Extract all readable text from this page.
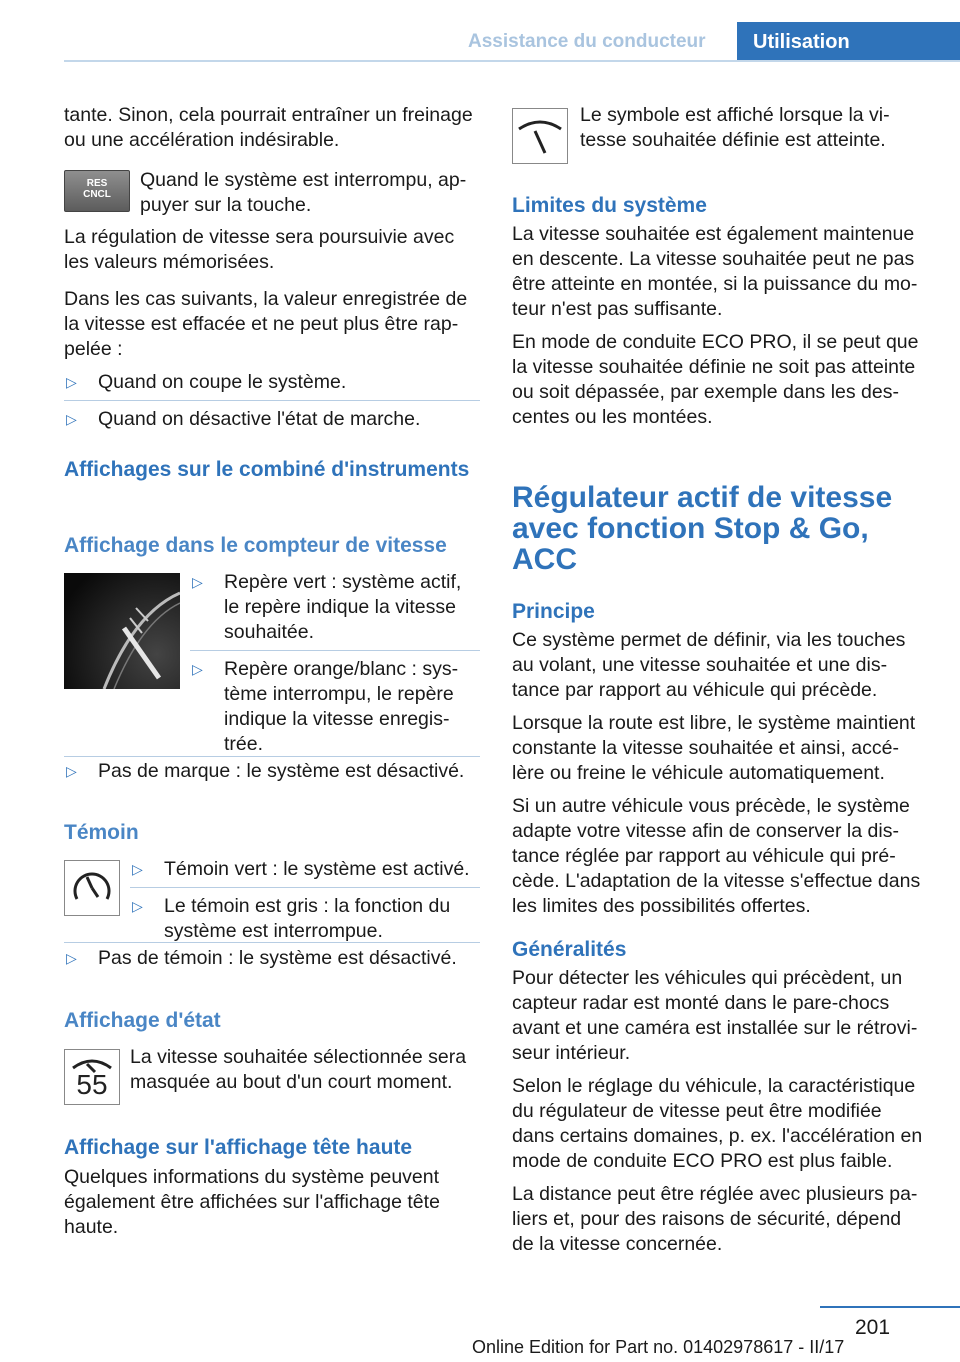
Assistance du conducteur Utilisation

tante. Sinon, cela pourrait entraîner un freinage ou une accélération indésirable.

RES
CNCL

Quand le système est interrompu, ap‐ puyer sur la touche.

La régulation de vitesse sera poursuivie avec les valeurs mémorisées.

Dans les cas suivants, la valeur enregistrée de la vitesse est effacée et ne peut plus être rap‐ pelée :

▷ Quand on coupe le système.
▷ Quand on désactive l'état de marche.
Affichages sur le combiné d'instruments
Affichage dans le compteur de vitesse
▷ Repère vert : système actif, le repère indique la vitesse souhaitée.
▷ Repère orange/blanc : sys‐ tème interrompu, le repère indique la vitesse enregis‐ trée.
▷ Pas de marque : le système est désactivé.
Témoin
▷ Témoin vert : le système est activé.
▷ Le témoin est gris : la fonction du système est interrompue.
▷ Pas de témoin : le système est désactivé.
Affichage d'état
55

La vitesse souhaitée sélectionnée sera masquée au bout d'un court moment.

Affichage sur l'affichage tête haute

Quelques informations du système peuvent également être affichées sur l'affichage tête haute.

Le symbole est affiché lorsque la vi‐ tesse souhaitée définie est atteinte.

Limites du système

La vitesse souhaitée est également maintenue en descente. La vitesse souhaitée peut ne pas être atteinte en montée, si la puissance du mo‐ teur n'est pas suffisante.

En mode de conduite ECO PRO, il se peut que la vitesse souhaitée définie ne soit pas atteinte ou soit dépassée, par exemple dans les des‐ centes ou les montées.

Régulateur actif de vitesse avec fonction Stop & Go, ACC

Principe

Ce système permet de définir, via les touches au volant, une vitesse souhaitée et une dis‐ tance par rapport au véhicule qui précède.

Lorsque la route est libre, le système maintient constante la vitesse souhaitée et ainsi, accé‐ lère ou freine le véhicule automatiquement.

Si un autre véhicule vous précède, le système adapte votre vitesse afin de conserver la dis‐ tance réglée par rapport au véhicule qui pré‐ cède. L'adaptation de la vitesse s'effectue dans les limites des possibilités offertes.

Généralités

Pour détecter les véhicules qui précèdent, un capteur radar est monté dans le pare-chocs avant et une caméra est installée sur le rétrovi‐ seur intérieur.

Selon le réglage du véhicule, la caractéristique du régulateur de vitesse peut être modifiée dans certains domaines, p. ex. l'accélération en mode de conduite ECO PRO est plus faible.

La distance peut être réglée avec plusieurs pa‐ liers et, pour des raisons de sécurité, dépend de la vitesse concernée.

201
Online Edition for Part no. 01402978617 - II/17
